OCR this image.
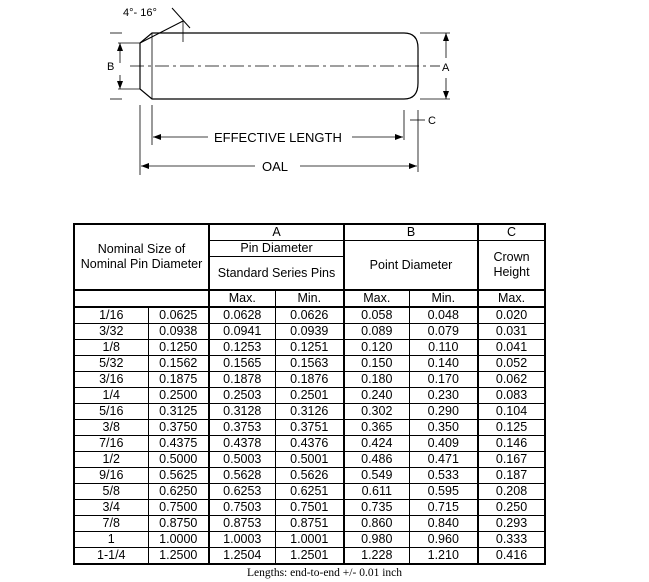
4°- 16°
B	A
C
EFFECTIVE LENGTH
OAL
Nominal Size of
Nominal Pin Diameter		A		B		C
		Pin Diameter		Point Diameter		Crown
Height

		Standard Series Pins				
		Max.	Min.	Max.	Min.	Max.
1/16	0.0625	0.0628	0.0626	0.058	0.048	0.020
3/32	0.0938	0.0941	0.0939	0.089	0.079	0.031
1/8	0.1250	0.1253	0.1251	0.120	0.110	0.041
5/32	0.1562	0.1565	0.1563	0.150	0.140	0.052
3/16	0.1875	0.1878	0.1876	0.180	0.170	0.062
1/4	0.2500	0.2503	0.2501	0.240	0.230	0.083
5/16	0.3125	0.3128	0.3126	0.302	0.290	0.104
3/8	0.3750	0.3753	0.3751	0.365	0.350	0.125
7/16	0.4375	0.4378	0.4376	0.424	0.409	0.146
1/2	0.5000	0.5003	0.5001	0.486	0.471	0.167
9/16	0.5625	0.5628	0.5626	0.549	0.533	0.187
5/8	0.6250	0.6253	0.6251	0.611	0.595	0.208
3/4	0.7500	0.7503	0.7501	0.735	0.715	0.250
7/8	0.8750	0.8753	0.8751	0.860	0.840	0.293
1	1.0000	1.0003	1.0001	0.980	0.960	0.333
1-1/4	1.2500	1.2504	1.2501	1.228	1.210	0.416
Lengths: end-to-end +/- 0.01 inch
